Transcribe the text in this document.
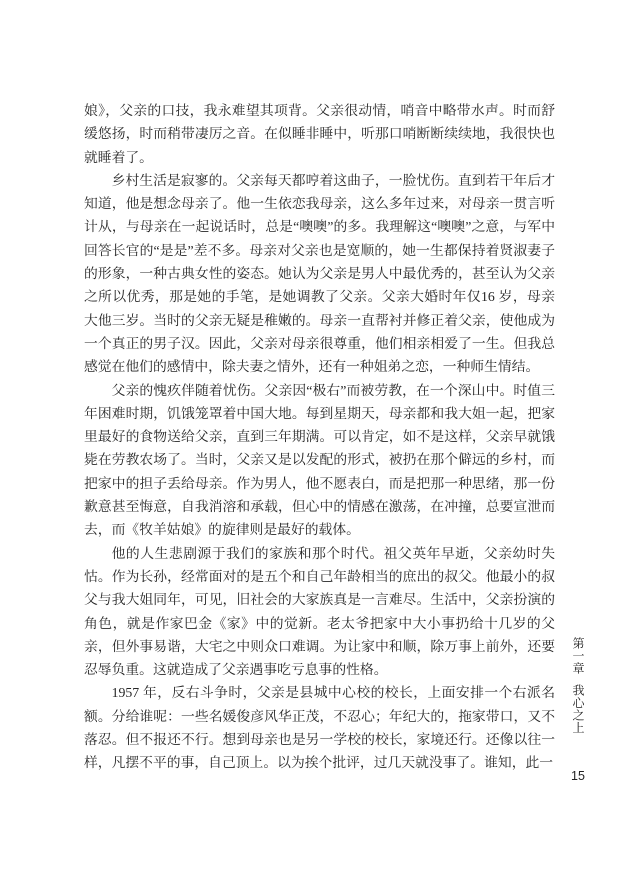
娘》，父亲的口技，我永难望其项背。父亲很动情，哨音中略带水声。时而舒缓悠扬，时而稍带凄厉之音。在似睡非睡中，听那口哨断断续续地，我很快也就睡着了。

乡村生活是寂寥的。父亲每天都哼着这曲子，一脸忧伤。直到若干年后才知道，他是想念母亲了。他一生依恋我母亲，这么多年过来，对母亲一贯言听计从，与母亲在一起说话时，总是“噢噢”的多。我理解这“噢噢”之意，与军中回答长官的“是是”差不多。母亲对父亲也是宽顺的，她一生都保持着贤淑妻子的形象，一种古典女性的姿态。她认为父亲是男人中最优秀的，甚至认为父亲之所以优秀，那是她的手笔，是她调教了父亲。父亲大婚时年仅16 岁，母亲大他三岁。当时的父亲无疑是稚嫩的。母亲一直帮衬并修正着父亲，使他成为一个真正的男子汉。因此，父亲对母亲很尊重，他们相亲相爱了一生。但我总感觉在他们的感情中，除夫妻之情外，还有一种姐弟之恋，一种师生情结。

父亲的愧疚伴随着忧伤。父亲因“极右”而被劳教，在一个深山中。时值三年困难时期，饥饿笼罩着中国大地。每到星期天，母亲都和我大姐一起，把家里最好的食物送给父亲，直到三年期满。可以肯定，如不是这样，父亲早就饿毙在劳教农场了。当时，父亲又是以发配的形式，被扔在那个僻远的乡村，而把家中的担子丢给母亲。作为男人，他不愿表白，而是把那一种思绪，那一份歉意甚至悔意，自我消溶和承载，但心中的情感在激荡，在冲撞，总要宣泄而去，而《牧羊姑娘》的旋律则是最好的载体。

他的人生悲剧源于我们的家族和那个时代。祖父英年早逝，父亲幼时失怙。作为长孙，经常面对的是五个和自己年龄相当的庶出的叔父。他最小的叔父与我大姐同年，可见，旧社会的大家族真是一言难尽。生活中，父亲扮演的角色，就是作家巴金《家》中的觉新。老太爷把家中大小事扔给十几岁的父亲，但外事易谐，大宅之中则众口难调。为让家中和顺，除万事上前外，还要忍辱负重。这就造成了父亲遇事吃亏息事的性格。

1957 年，反右斗争时，父亲是县城中心校的校长，上面安排一个右派名额。分给谁呢：一些名媛俊彦风华正茂，不忍心；年纪大的，拖家带口，又不落忍。但不报还不行。想到母亲也是另一学校的校长，家境还行。还像以往一样，凡摆不平的事，自己顶上。以为挨个批评，过几天就没事了。谁知，此一

第一章
我心之上
15
